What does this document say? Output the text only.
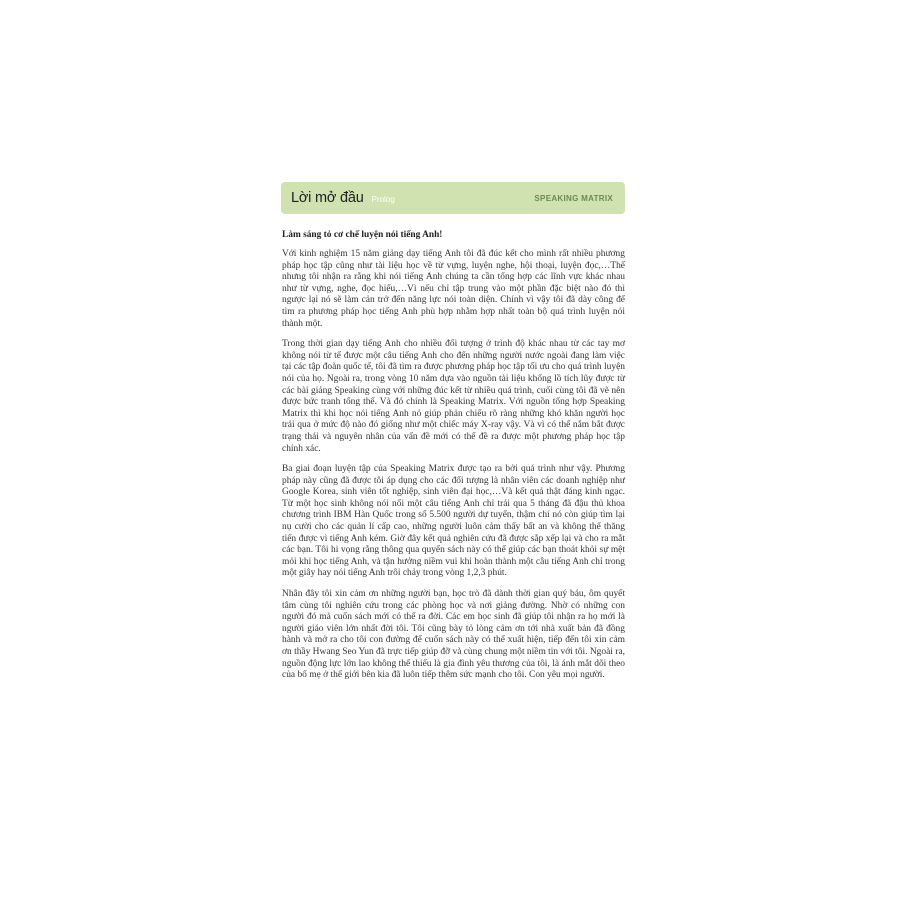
Lời mở đầu Prolog	SPEAKING MATRIX
Làm sáng tỏ cơ chế luyện nói tiếng Anh!

Với kinh nghiệm 15 năm giảng dạy tiếng Anh tôi đã đúc kết cho mình rất nhiều phương pháp học tập cũng như tài liệu học về từ vựng, luyện nghe, hội thoại, luyện đọc,…Thế nhưng tôi nhận ra rằng khi nói tiếng Anh chúng ta cần tổng hợp các lĩnh vực khác nhau như từ vựng, nghe, đọc hiểu,…Vì nếu chỉ tập trung vào một phần đặc biệt nào đó thì ngược lại nó sẽ làm cản trở đến năng lực nói toàn diện. Chính vì vậy tôi đã dày công để tìm ra phương pháp học tiếng Anh phù hợp nhằm hợp nhất toàn bộ quá trình luyện nói thành một.

Trong thời gian dạy tiếng Anh cho nhiều đối tượng ở trình độ khác nhau từ các tay mơ không nói từ tế được một câu tiếng Anh cho đến những người nước ngoài đang làm việc tại các tập đoàn quốc tế, tôi đã tìm ra được phương pháp học tập tối ưu cho quá trình luyện nói của họ. Ngoài ra, trong vòng 10 năm dựa vào nguồn tài liệu khổng lồ tích lũy được từ các bài giảng Speaking cùng với những đúc kết từ nhiều quá trình, cuối cùng tôi đã vẽ nên được bức tranh tổng thể. Và đó chính là Speaking Matrix. Với nguồn tổng hợp Speaking Matrix thì khi học nói tiếng Anh nó giúp phản chiếu rõ ràng những khó khăn người học trải qua ở mức độ nào đó giống như một chiếc máy X-ray vậy. Và vì có thể nắm bắt được trạng thái và nguyên nhân của vấn đề mới có thể đề ra được một phương pháp học tập chính xác.

Ba giai đoạn luyện tập của Speaking Matrix được tạo ra bởi quá trình như vậy. Phương pháp này cũng đã được tôi áp dụng cho các đối tượng là nhân viên các doanh nghiệp như Google Korea, sinh viên tốt nghiệp, sinh viên đại học,…Và kết quả thật đáng kinh ngạc. Từ một học sinh không nói nổi một câu tiếng Anh chỉ trải qua 5 tháng đã đậu thủ khoa chương trình IBM Hàn Quốc trong số 5.500 người dự tuyển, thậm chí nó còn giúp tìm lại nụ cười cho các quản lí cấp cao, những người luôn cảm thấy bất an và không thể thăng tiến được vì tiếng Anh kém. Giờ đây kết quả nghiên cứu đã được sắp xếp lại và cho ra mắt các bạn. Tôi hi vọng rằng thông qua quyển sách này có thể giúp các bạn thoát khỏi sự mệt mỏi khi học tiếng Anh, và tận hưởng niềm vui khi hoàn thành một câu tiếng Anh chỉ trong một giây hay nói tiếng Anh trôi chảy trong vòng 1,2,3 phút.

Nhân đây tôi xin cảm ơn những người bạn, học trò đã dành thời gian quý báu, ôm quyết tâm cùng tôi nghiên cứu trong các phòng học và nơi giảng đường. Nhờ có những con người đó mà cuốn sách mới có thể ra đời. Các em học sinh đã giúp tôi nhận ra họ mới là người giáo viên lớn nhất đời tôi. Tôi cũng bày tỏ lòng cảm ơn tới nhà xuất bản đã đồng hành và mở ra cho tôi con đường để cuốn sách này có thể xuất hiện, tiếp đến tôi xin cảm ơn thầy Hwang Seo Yun đã trực tiếp giúp đỡ và cùng chung một niềm tin với tôi. Ngoài ra, nguồn động lực lớn lao không thể thiếu là gia đình yêu thương của tôi, là ánh mắt dõi theo của bố mẹ ở thế giới bên kia đã luôn tiếp thêm sức mạnh cho tôi. Con yêu mọi người.
